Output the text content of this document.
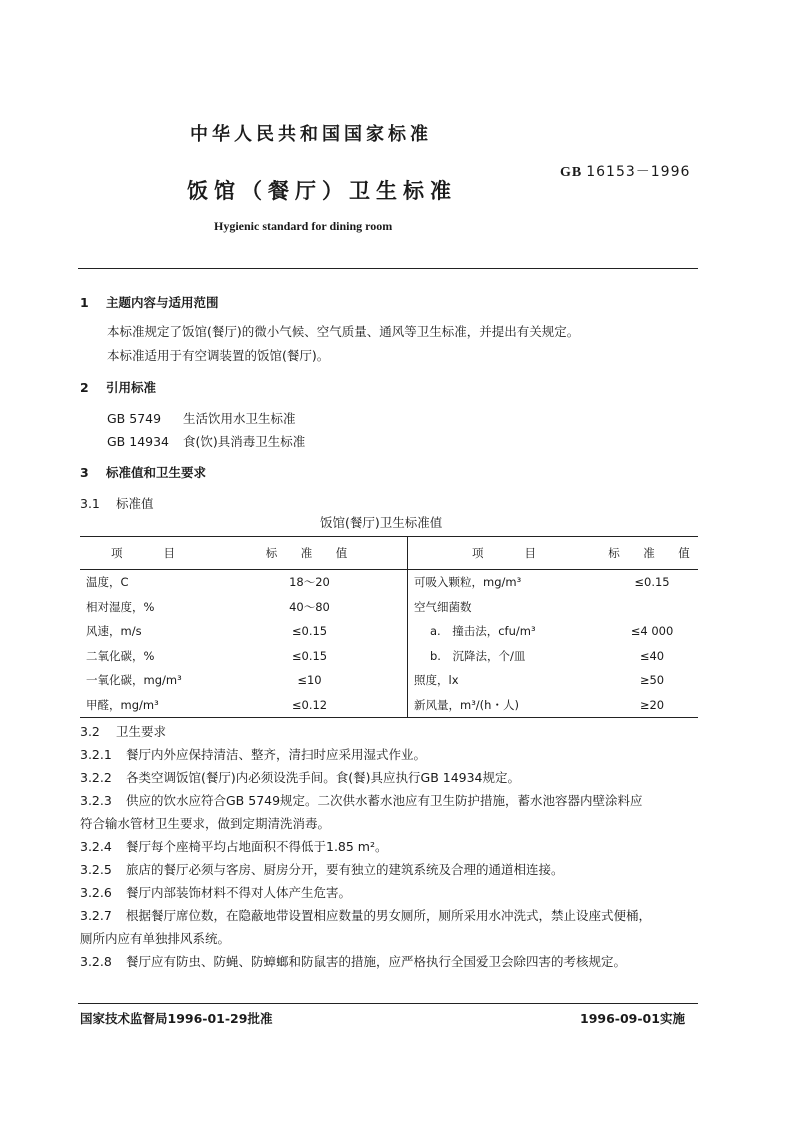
中华人民共和国国家标准
GB 16153－1996
饭馆（餐厅）卫生标准
Hygienic standard for dining room
1 主题内容与适用范围
本标准规定了饭馆(餐厅)的微小气候、空气质量、通风等卫生标准，并提出有关规定。
本标准适用于有空调装置的饭馆(餐厅)。
2 引用标准
GB 5749 生活饮用水卫生标准
GB 14934 食(饮)具消毒卫生标准
3 标准值和卫生要求
3.1 标准值
饭馆(餐厅)卫生标准值
项　　目	标　准　值	项　　目	标　准　值
温度，C	18～20	可吸入颗粒，mg/m³	≤0.15
相对湿度，%	40～80	空气细菌数	
风速，m/s	≤0.15	a.　撞击法，cfu/m³	≤4 000
二氧化碳，%	≤0.15	b.　沉降法，个/皿	≤40
一氧化碳，mg/m³	≤10	照度，lx	≥50
甲醛，mg/m³	≤0.12	新风量，m³/(h・人)	≥20
3.2 卫生要求
3.2.1 餐厅内外应保持清洁、整齐，清扫时应采用湿式作业。
3.2.2 各类空调饭馆(餐厅)内必须设洗手间。食(餐)具应执行GB 14934规定。
3.2.3 供应的饮水应符合GB 5749规定。二次供水蓄水池应有卫生防护措施，蓄水池容器内壁涂料应
符合输水管材卫生要求，做到定期清洗消毒。
3.2.4 餐厅每个座椅平均占地面积不得低于1.85 m²。
3.2.5 旅店的餐厅必须与客房、厨房分开，要有独立的建筑系统及合理的通道相连接。
3.2.6 餐厅内部装饰材料不得对人体产生危害。
3.2.7 根据餐厅席位数，在隐蔽地带设置相应数量的男女厕所，厕所采用水冲洗式，禁止设座式便桶，
厕所内应有单独排风系统。
3.2.8 餐厅应有防虫、防蝇、防蟑螂和防鼠害的措施，应严格执行全国爱卫会除四害的考核规定。
国家技术监督局1996-01-29批准	1996-09-01实施
